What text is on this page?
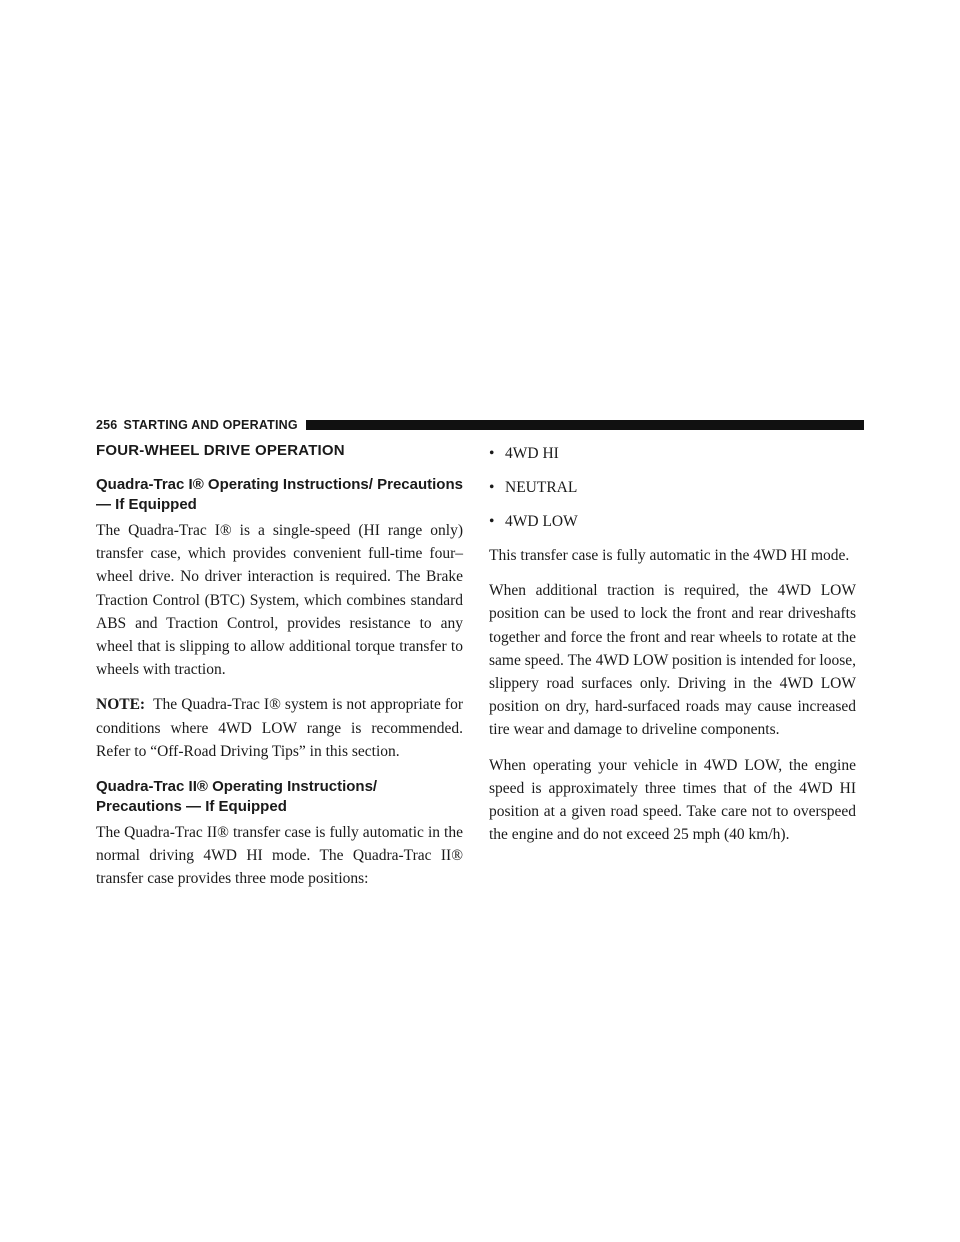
256 STARTING AND OPERATING
FOUR-WHEEL DRIVE OPERATION
Quadra-Trac I® Operating Instructions/ Precautions — If Equipped

The Quadra-Trac I® is a single-speed (HI range only) transfer case, which provides convenient full-time four– wheel drive. No driver interaction is required. The Brake Traction Control (BTC) System, which combines standard ABS and Traction Control, provides resistance to any wheel that is slipping to allow additional torque transfer to wheels with traction.

NOTE: The Quadra-Trac I® system is not appropriate for conditions where 4WD LOW range is recommended. Refer to “Off-Road Driving Tips” in this section.

Quadra-Trac II® Operating Instructions/ Precautions — If Equipped

The Quadra-Trac II® transfer case is fully automatic in the normal driving 4WD HI mode. The Quadra-Trac II® transfer case provides three mode positions:

• 4WD HI
• NEUTRAL
• 4WD LOW

This transfer case is fully automatic in the 4WD HI mode.

When additional traction is required, the 4WD LOW position can be used to lock the front and rear driveshafts together and force the front and rear wheels to rotate at the same speed. The 4WD LOW position is intended for loose, slippery road surfaces only. Driving in the 4WD LOW position on dry, hard-surfaced roads may cause increased tire wear and damage to driveline components.

When operating your vehicle in 4WD LOW, the engine speed is approximately three times that of the 4WD HI position at a given road speed. Take care not to overspeed the engine and do not exceed 25 mph (40 km/h).
